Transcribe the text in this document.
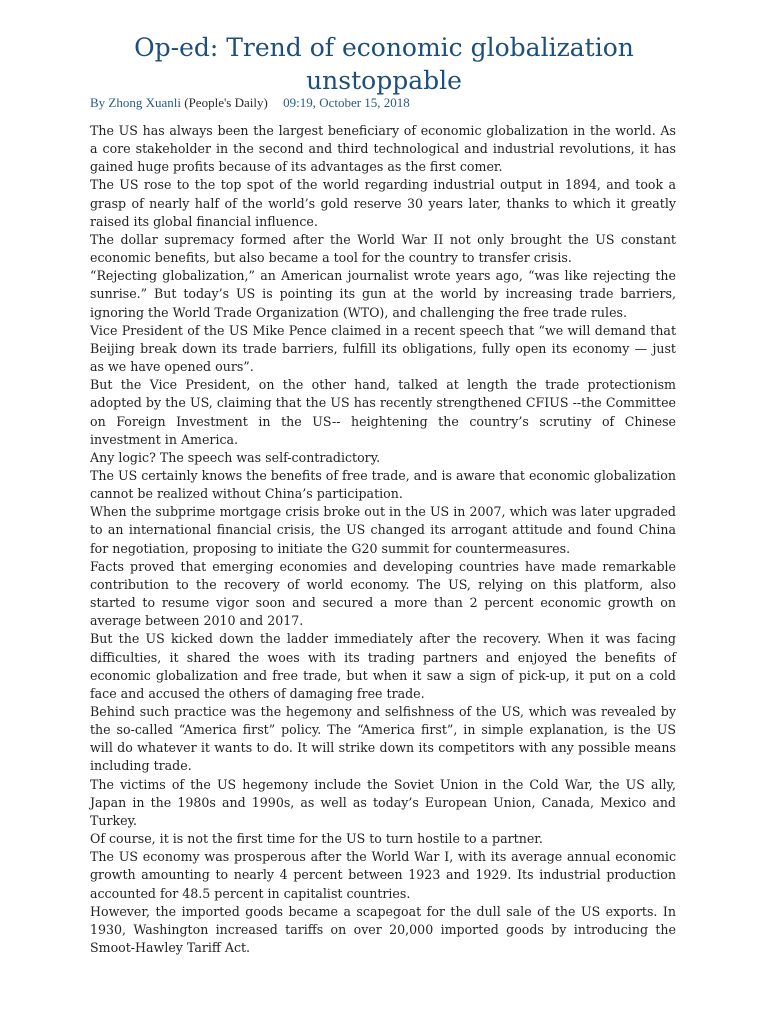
Op-ed: Trend of economic globalization unstoppable
By Zhong Xuanli (People's Daily) 09:19, October 15, 2018

The US has always been the largest beneficiary of economic globalization in the world. As a core stakeholder in the second and third technological and industrial revolutions, it has gained huge profits because of its advantages as the first comer.

The US rose to the top spot of the world regarding industrial output in 1894, and took a grasp of nearly half of the world’s gold reserve 30 years later, thanks to which it greatly raised its global financial influence.

The dollar supremacy formed after the World War II not only brought the US constant economic benefits, but also became a tool for the country to transfer crisis.

“Rejecting globalization,” an American journalist wrote years ago, “was like rejecting the sunrise.” But today’s US is pointing its gun at the world by increasing trade barriers, ignoring the World Trade Organization (WTO), and challenging the free trade rules.

Vice President of the US Mike Pence claimed in a recent speech that “we will demand that Beijing break down its trade barriers, fulfill its obligations, fully open its economy — just as we have opened ours”.

But the Vice President, on the other hand, talked at length the trade protectionism adopted by the US, claiming that the US has recently strengthened CFIUS --the Committee on Foreign Investment in the US-- heightening the country’s scrutiny of Chinese investment in America.

Any logic? The speech was self-contradictory.

The US certainly knows the benefits of free trade, and is aware that economic globalization cannot be realized without China’s participation.

When the subprime mortgage crisis broke out in the US in 2007, which was later upgraded to an international financial crisis, the US changed its arrogant attitude and found China for negotiation, proposing to initiate the G20 summit for countermeasures.

Facts proved that emerging economies and developing countries have made remarkable contribution to the recovery of world economy. The US, relying on this platform, also started to resume vigor soon and secured a more than 2 percent economic growth on average between 2010 and 2017.

But the US kicked down the ladder immediately after the recovery. When it was facing difficulties, it shared the woes with its trading partners and enjoyed the benefits of economic globalization and free trade, but when it saw a sign of pick-up, it put on a cold face and accused the others of damaging free trade.

Behind such practice was the hegemony and selfishness of the US, which was revealed by the so-called “America first” policy. The “America first”, in simple explanation, is the US will do whatever it wants to do. It will strike down its competitors with any possible means including trade.

The victims of the US hegemony include the Soviet Union in the Cold War, the US ally, Japan in the 1980s and 1990s, as well as today’s European Union, Canada, Mexico and Turkey.

Of course, it is not the first time for the US to turn hostile to a partner.

The US economy was prosperous after the World War I, with its average annual economic growth amounting to nearly 4 percent between 1923 and 1929. Its industrial production accounted for 48.5 percent in capitalist countries.

However, the imported goods became a scapegoat for the dull sale of the US exports. In 1930, Washington increased tariffs on over 20,000 imported goods by introducing the Smoot-Hawley Tariff Act.
